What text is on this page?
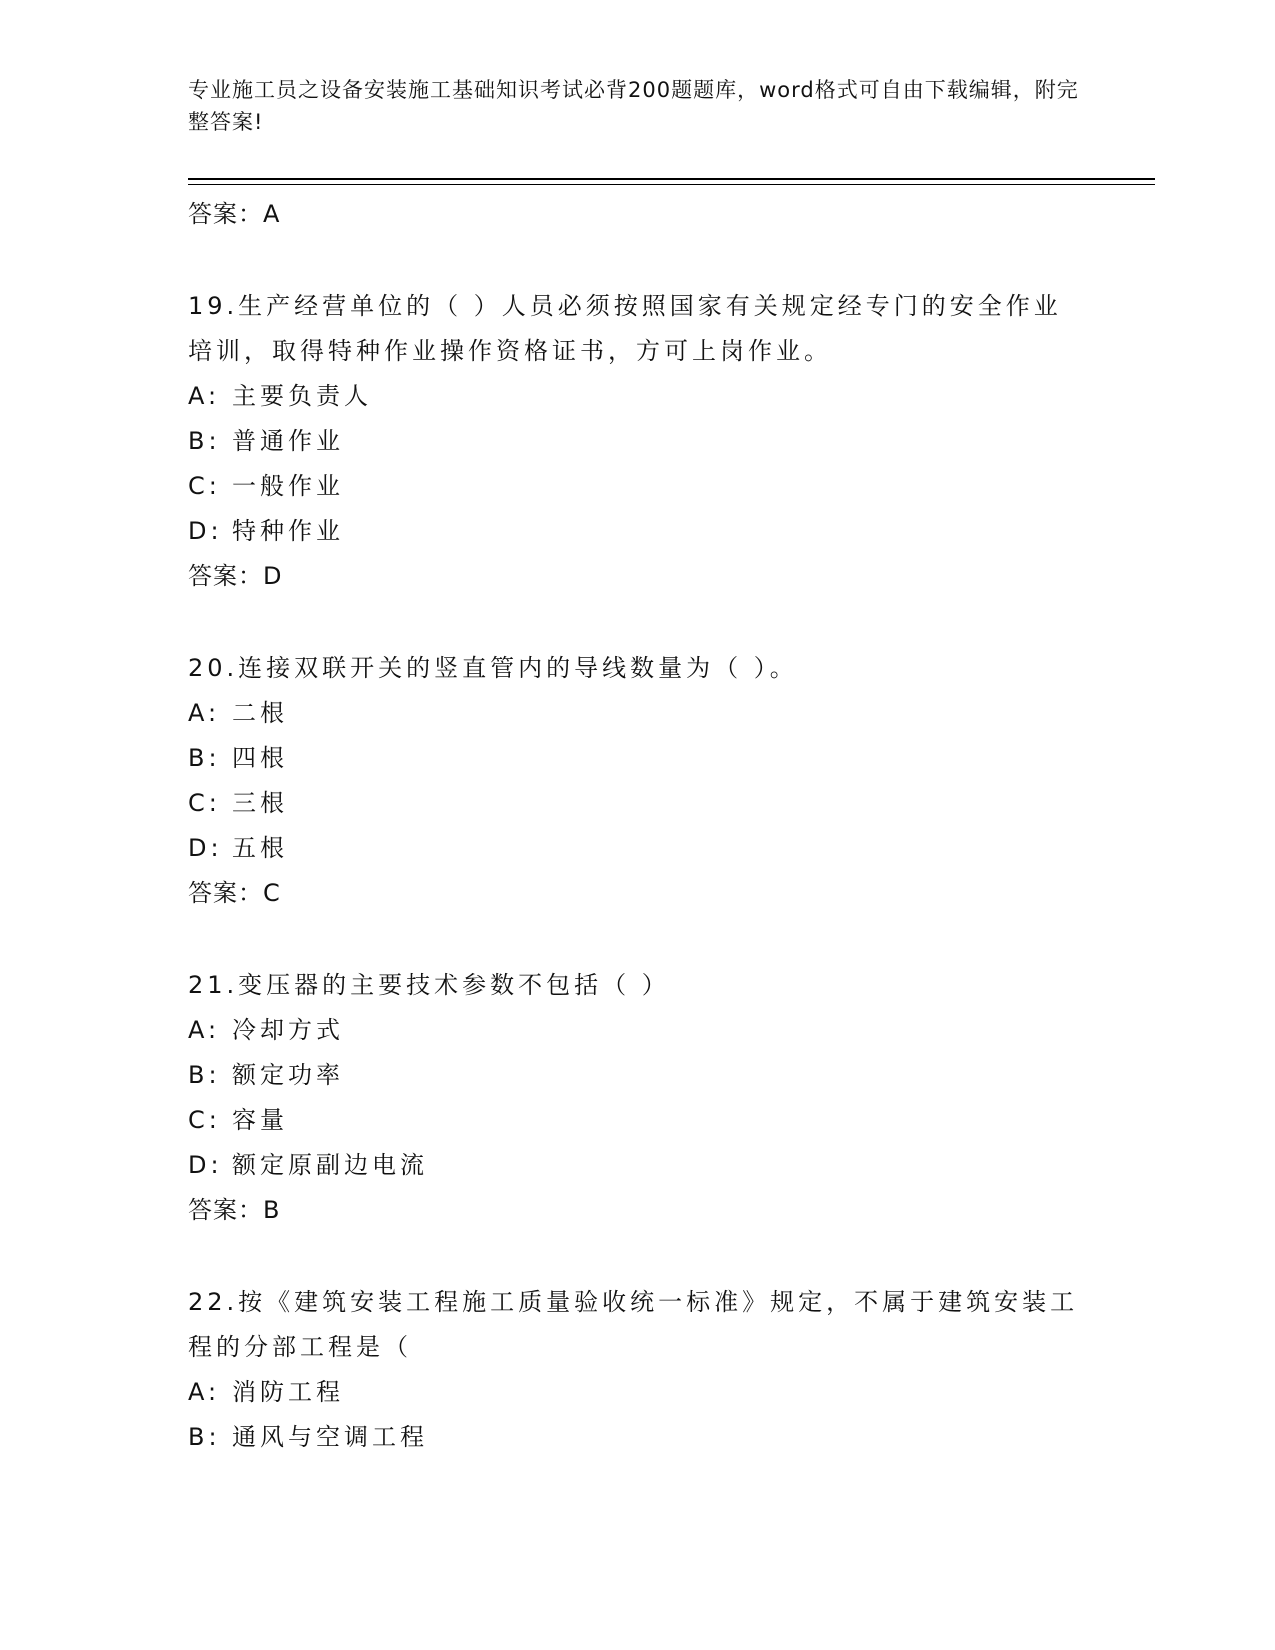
专业施工员之设备安装施工基础知识考试必背200题题库，word格式可自由下载编辑，附完整答案!

答案：A

19.生产经营单位的（ ）人员必须按照国家有关规定经专门的安全作业培训，取得特种作业操作资格证书，方可上岗作业。

A: 主要负责人

B: 普通作业

C: 一般作业

D: 特种作业

答案：D

20.连接双联开关的竖直管内的导线数量为（ ）。

A: 二根

B: 四根

C: 三根

D: 五根

答案：C

21.变压器的主要技术参数不包括（ ）

A: 冷却方式

B: 额定功率

C: 容量

D: 额定原副边电流

答案：B

22.按《建筑安装工程施工质量验收统一标准》规定，不属于建筑安装工程的分部工程是（

A: 消防工程

B: 通风与空调工程
